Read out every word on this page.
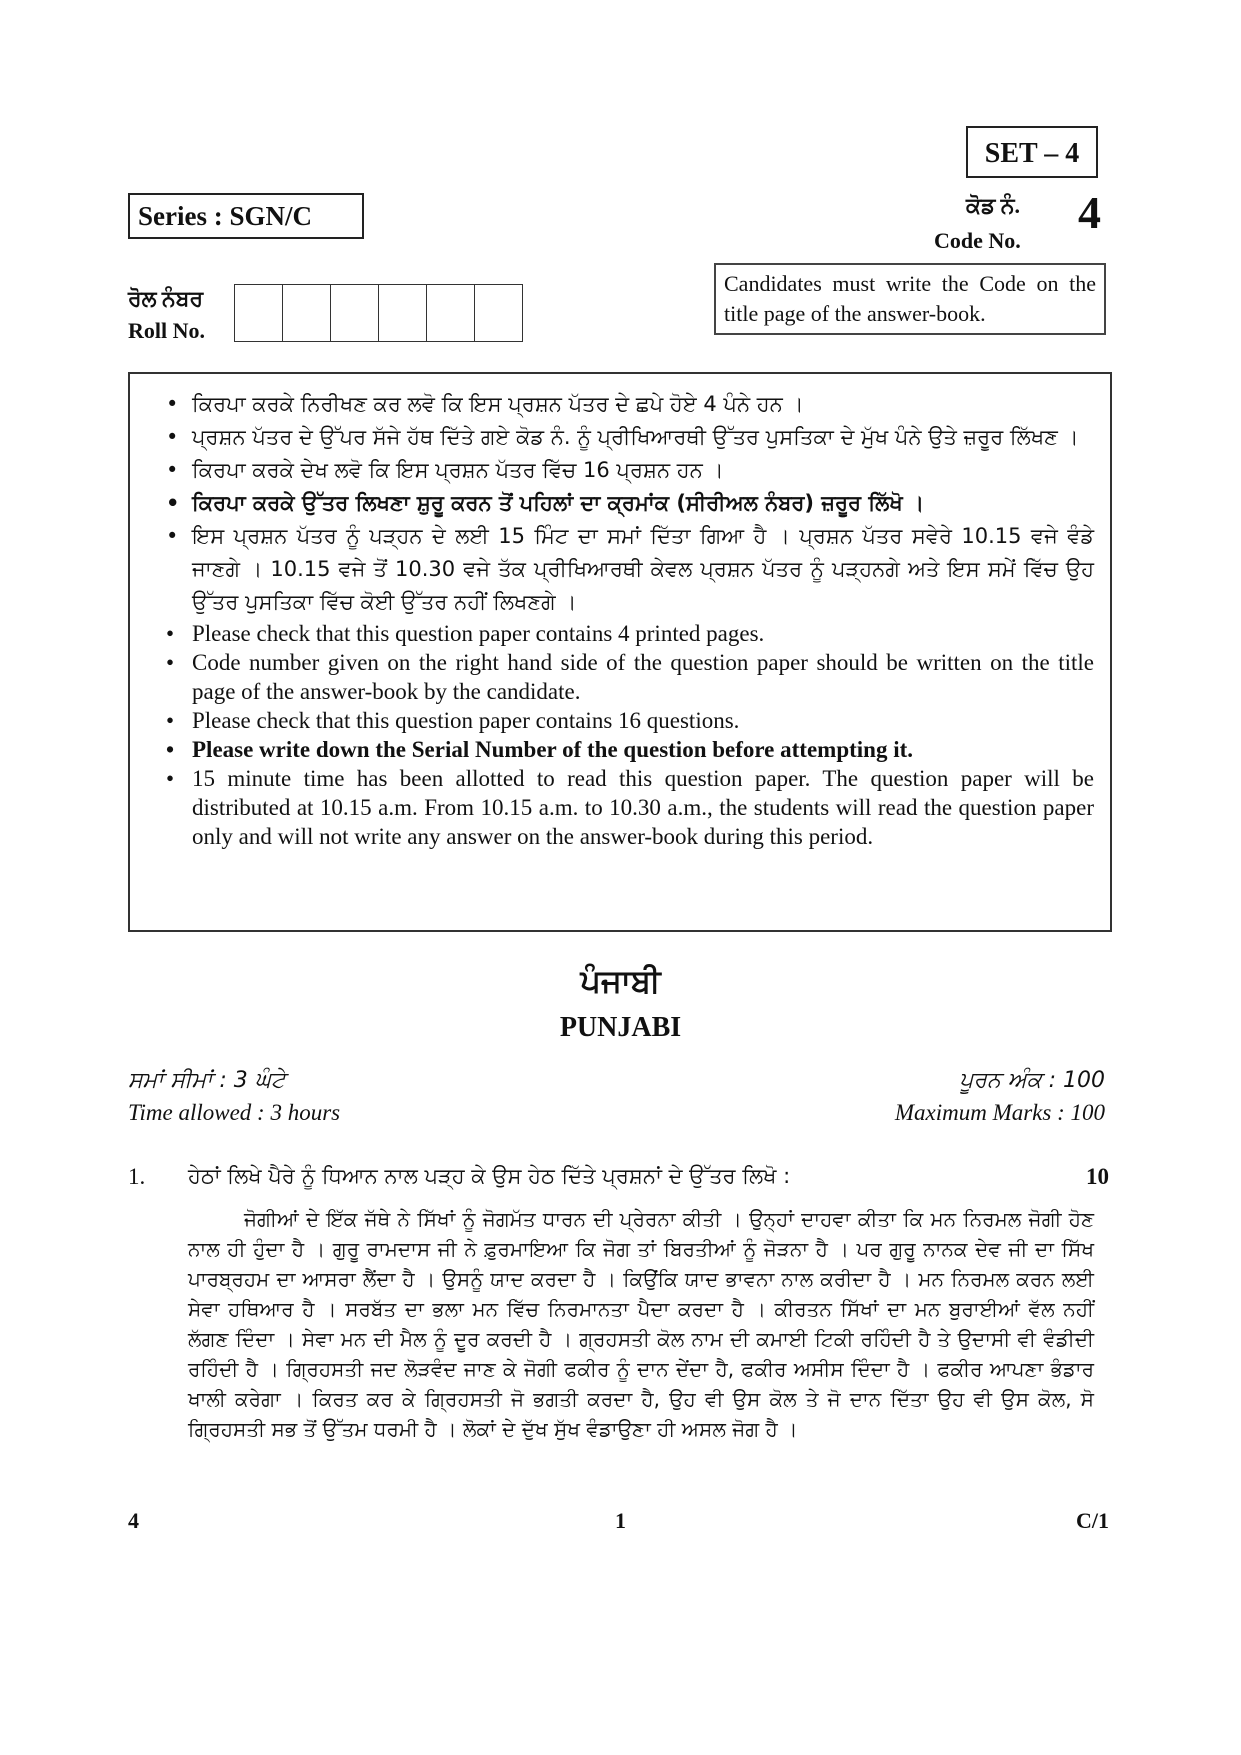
SET – 4
Series : SGN/C	ਕੋਡ ਨੰ. 4
Code No.
Candidates must write the Code on the title page of the answer-book.
ਰੋਲ ਨੰਬਰ
Roll No.
• ਕਿਰਪਾ ਕਰਕੇ ਨਿਰੀਖਣ ਕਰ ਲਵੋ ਕਿ ਇਸ ਪ੍ਰਸ਼ਨ ਪੱਤਰ ਦੇ ਛਪੇ ਹੋਏ 4 ਪੰਨੇ ਹਨ ।
• ਪ੍ਰਸ਼ਨ ਪੱਤਰ ਦੇ ਉੱਪਰ ਸੱਜੇ ਹੱਥ ਦਿੱਤੇ ਗਏ ਕੋਡ ਨੰ. ਨੂੰ ਪ੍ਰੀਖਿਆਰਥੀ ਉੱਤਰ ਪੁਸਤਿਕਾ ਦੇ ਮੁੱਖ ਪੰਨੇ ਉਤੇ ਜ਼ਰੂਰ ਲਿੱਖਣ ।
• ਕਿਰਪਾ ਕਰਕੇ ਦੇਖ ਲਵੋ ਕਿ ਇਸ ਪ੍ਰਸ਼ਨ ਪੱਤਰ ਵਿੱਚ 16 ਪ੍ਰਸ਼ਨ ਹਨ ।
• ਕਿਰਪਾ ਕਰਕੇ ਉੱਤਰ ਲਿਖਣਾ ਸ਼ੁਰੂ ਕਰਨ ਤੋਂ ਪਹਿਲਾਂ ਦਾ ਕ੍ਰਮਾਂਕ (ਸੀਰੀਅਲ ਨੰਬਰ) ਜ਼ਰੂਰ ਲਿੱਖੋ ।
• ਇਸ ਪ੍ਰਸ਼ਨ ਪੱਤਰ ਨੂੰ ਪੜ੍ਹਨ ਦੇ ਲਈ 15 ਮਿੰਟ ਦਾ ਸਮਾਂ ਦਿੱਤਾ ਗਿਆ ਹੈ । ਪ੍ਰਸ਼ਨ ਪੱਤਰ ਸਵੇਰੇ 10.15 ਵਜੇ ਵੰਡੇ ਜਾਣਗੇ । 10.15 ਵਜੇ ਤੋਂ 10.30 ਵਜੇ ਤੱਕ ਪ੍ਰੀਖਿਆਰਥੀ ਕੇਵਲ ਪ੍ਰਸ਼ਨ ਪੱਤਰ ਨੂੰ ਪੜ੍ਹਨਗੇ ਅਤੇ ਇਸ ਸਮੇਂ ਵਿੱਚ ਉਹ ਉੱਤਰ ਪੁਸਤਿਕਾ ਵਿੱਚ ਕੋਈ ਉੱਤਰ ਨਹੀਂ ਲਿਖਣਗੇ ।
• Please check that this question paper contains 4 printed pages.
• Code number given on the right hand side of the question paper should be written on the title page of the answer-book by the candidate.
• Please check that this question paper contains 16 questions.
• Please write down the Serial Number of the question before attempting it.
• 15 minute time has been allotted to read this question paper. The question paper will be distributed at 10.15 a.m. From 10.15 a.m. to 10.30 a.m., the students will read the question paper only and will not write any answer on the answer-book during this period.
ਪੰਜਾਬੀ
PUNJABI
ਸਮਾਂ ਸੀਮਾਂ : 3 ਘੰਟੇ
Time allowed : 3 hours
ਪੂਰਨ ਅੰਕ : 100
Maximum Marks : 100
1. ਹੇਠਾਂ ਲਿਖੇ ਪੈਰੇ ਨੂੰ ਧਿਆਨ ਨਾਲ ਪੜ੍ਹ ਕੇ ਉਸ ਹੇਠ ਦਿੱਤੇ ਪ੍ਰਸ਼ਨਾਂ ਦੇ ਉੱਤਰ ਲਿਖੋ :	10

ਜੋਗੀਆਂ ਦੇ ਇੱਕ ਜੱਥੇ ਨੇ ਸਿੱਖਾਂ ਨੂੰ ਜੋਗਮੱਤ ਧਾਰਨ ਦੀ ਪ੍ਰੇਰਨਾ ਕੀਤੀ । ਉਨ੍ਹਾਂ ਦਾਹਵਾ ਕੀਤਾ ਕਿ ਮਨ ਨਿਰਮਲ ਜੋਗੀ ਹੋਣ ਨਾਲ ਹੀ ਹੁੰਦਾ ਹੈ । ਗੁਰੂ ਰਾਮਦਾਸ ਜੀ ਨੇ ਫ਼ੁਰਮਾਇਆ ਕਿ ਜੋਗ ਤਾਂ ਬਿਰਤੀਆਂ ਨੂੰ ਜੋੜਨਾ ਹੈ । ਪਰ ਗੁਰੂ ਨਾਨਕ ਦੇਵ ਜੀ ਦਾ ਸਿੱਖ ਪਾਰਬ੍ਰਹਮ ਦਾ ਆਸਰਾ ਲੈਂਦਾ ਹੈ । ਉਸਨੂੰ ਯਾਦ ਕਰਦਾ ਹੈ । ਕਿਉਂਕਿ ਯਾਦ ਭਾਵਨਾ ਨਾਲ ਕਰੀਦਾ ਹੈ । ਮਨ ਨਿਰਮਲ ਕਰਨ ਲਈ ਸੇਵਾ ਹਥਿਆਰ ਹੈ । ਸਰਬੱਤ ਦਾ ਭਲਾ ਮਨ ਵਿੱਚ ਨਿਰਮਾਨਤਾ ਪੈਦਾ ਕਰਦਾ ਹੈ । ਕੀਰਤਨ ਸਿੱਖਾਂ ਦਾ ਮਨ ਬੁਰਾਈਆਂ ਵੱਲ ਨਹੀਂ ਲੱਗਣ ਦਿੰਦਾ । ਸੇਵਾ ਮਨ ਦੀ ਮੈਲ ਨੂੰ ਦੂਰ ਕਰਦੀ ਹੈ । ਗ੍ਰਹਸਤੀ ਕੋਲ ਨਾਮ ਦੀ ਕਮਾਈ ਟਿਕੀ ਰਹਿੰਦੀ ਹੈ ਤੇ ਉਦਾਸੀ ਵੀ ਵੰਡੀਦੀ ਰਹਿੰਦੀ ਹੈ । ਗ੍ਰਿਹਸਤੀ ਜਦ ਲੋੜਵੰਦ ਜਾਣ ਕੇ ਜੋਗੀ ਫਕੀਰ ਨੂੰ ਦਾਨ ਦੇਂਦਾ ਹੈ, ਫਕੀਰ ਅਸੀਸ ਦਿੰਦਾ ਹੈ । ਫਕੀਰ ਆਪਣਾ ਭੰਡਾਰ ਖਾਲੀ ਕਰੇਗਾ । ਕਿਰਤ ਕਰ ਕੇ ਗ੍ਰਿਹਸਤੀ ਜੋ ਭਗਤੀ ਕਰਦਾ ਹੈ, ਉਹ ਵੀ ਉਸ ਕੋਲ ਤੇ ਜੋ ਦਾਨ ਦਿੱਤਾ ਉਹ ਵੀ ਉਸ ਕੋਲ, ਸੋ ਗ੍ਰਿਹਸਤੀ ਸਭ ਤੋਂ ਉੱਤਮ ਧਰਮੀ ਹੈ । ਲੋਕਾਂ ਦੇ ਦੁੱਖ ਸੁੱਖ ਵੰਡਾਉਣਾ ਹੀ ਅਸਲ ਜੋਗ ਹੈ ।

4	1	C/1
